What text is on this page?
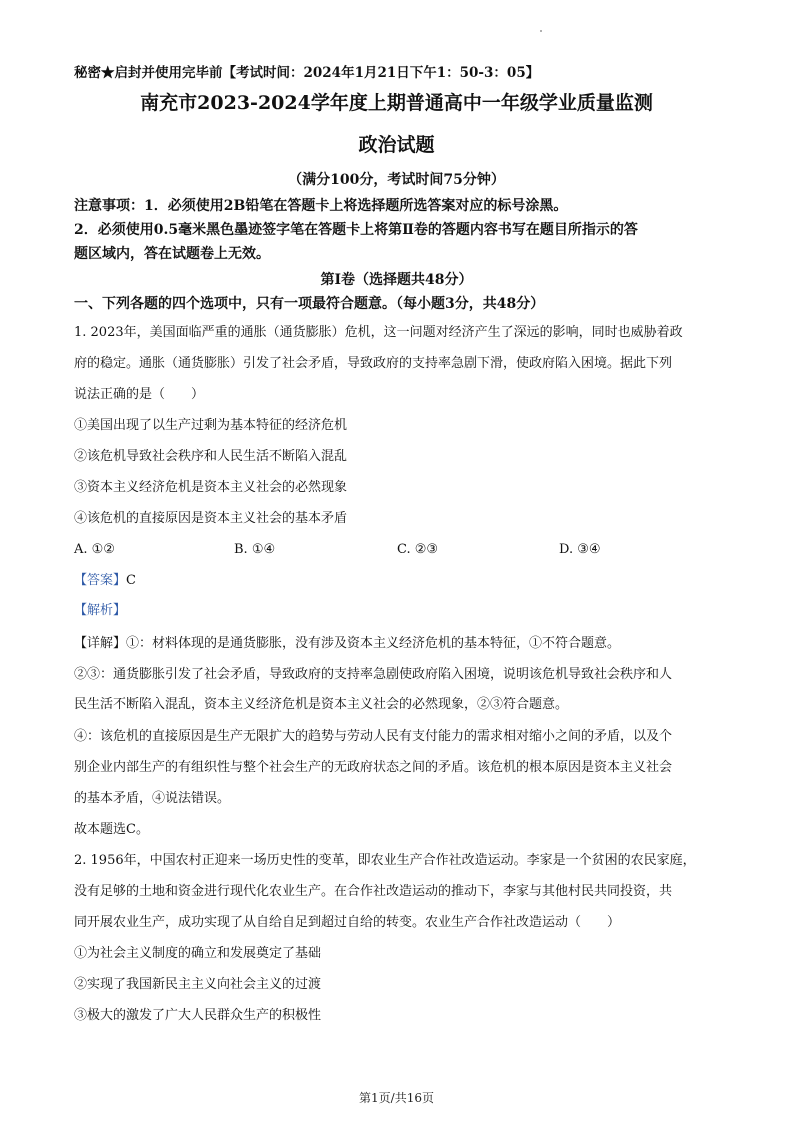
秘密★启封并使用完毕前【考试时间：2024年1月21日下午1：50-3：05】
南充市2023-2024学年度上期普通高中一年级学业质量监测
政治试题
（满分100分，考试时间75分钟）
注意事项：1．必须使用2B铅笔在答题卡上将选择题所选答案对应的标号涂黑。
2．必须使用0.5毫米黑色墨迹签字笔在答题卡上将第Ⅱ卷的答题内容书写在题目所指示的答
题区域内，答在试题卷上无效。
第Ⅰ卷（选择题共48分）
一、下列各题的四个选项中，只有一项最符合题意。（每小题3分，共48分）
1. 2023年，美国面临严重的通胀（通货膨胀）危机，这一问题对经济产生了深远的影响，同时也威胁着政
府的稳定。通胀（通货膨胀）引发了社会矛盾，导致政府的支持率急剧下滑，使政府陷入困境。据此下列
说法正确的是（　　）
①美国出现了以生产过剩为基本特征的经济危机
②该危机导致社会秩序和人民生活不断陷入混乱
③资本主义经济危机是资本主义社会的必然现象
④该危机的直接原因是资本主义社会的基本矛盾
A. ①②	B. ①④	C. ②③	D. ③④
【答案】C
【解析】
【详解】①：材料体现的是通货膨胀，没有涉及资本主义经济危机的基本特征，①不符合题意。
②③：通货膨胀引发了社会矛盾，导致政府的支持率急剧使政府陷入困境，说明该危机导致社会秩序和人
民生活不断陷入混乱，资本主义经济危机是资本主义社会的必然现象，②③符合题意。
④：该危机的直接原因是生产无限扩大的趋势与劳动人民有支付能力的需求相对缩小之间的矛盾，以及个
别企业内部生产的有组织性与整个社会生产的无政府状态之间的矛盾。该危机的根本原因是资本主义社会
的基本矛盾，④说法错误。
故本题选C。
2. 1956年，中国农村正迎来一场历史性的变革，即农业生产合作社改造运动。李家是一个贫困的农民家庭，
没有足够的土地和资金进行现代化农业生产。在合作社改造运动的推动下，李家与其他村民共同投资，共
同开展农业生产，成功实现了从自给自足到超过自给的转变。农业生产合作社改造运动（　　）
①为社会主义制度的确立和发展奠定了基础
②实现了我国新民主主义向社会主义的过渡
③极大的激发了广大人民群众生产的积极性
第1页/共16页
